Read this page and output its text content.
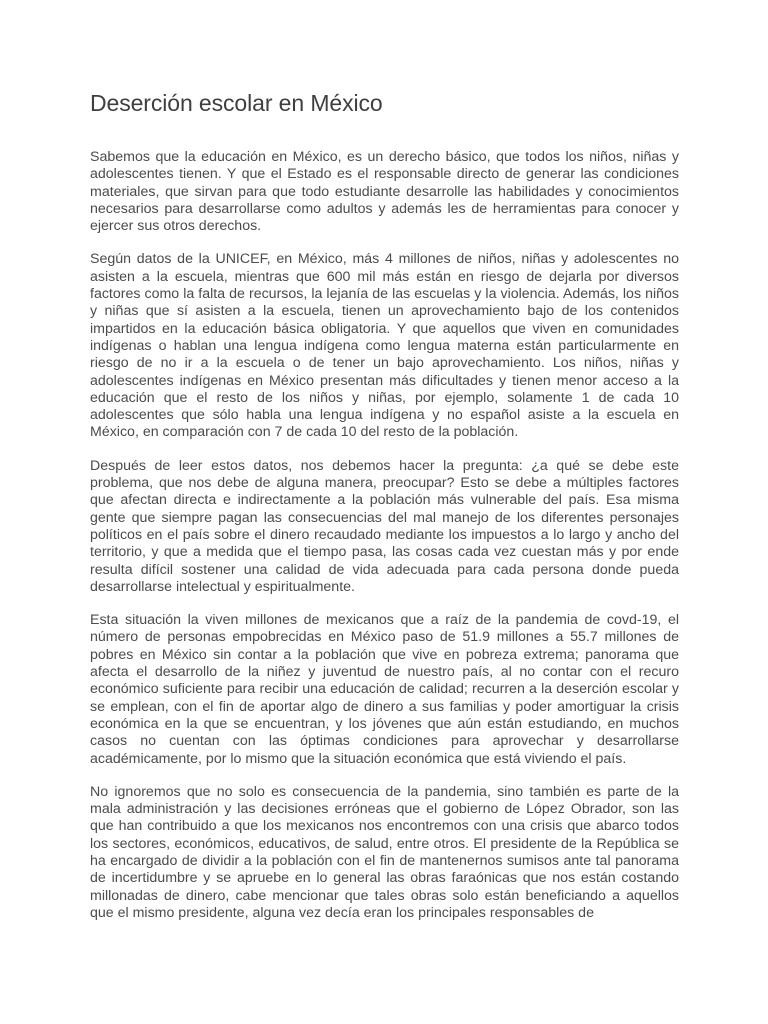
Deserción escolar en México

Sabemos que la educación en México, es un derecho básico, que todos los niños, niñas y adolescentes tienen. Y que el Estado es el responsable directo de generar las condiciones materiales, que sirvan para que todo estudiante desarrolle las habilidades y conocimientos necesarios para desarrollarse como adultos y además les de herramientas para conocer y ejercer sus otros derechos.

Según datos de la UNICEF, en México, más 4 millones de niños, niñas y adolescentes no asisten a la escuela, mientras que 600 mil más están en riesgo de dejarla por diversos factores como la falta de recursos, la lejanía de las escuelas y la violencia. Además, los niños y niñas que sí asisten a la escuela, tienen un aprovechamiento bajo de los contenidos impartidos en la educación básica obligatoria. Y que aquellos que viven en comunidades indígenas o hablan una lengua indígena como lengua materna están particularmente en riesgo de no ir a la escuela o de tener un bajo aprovechamiento. Los niños, niñas y adolescentes indígenas en México presentan más dificultades y tienen menor acceso a la educación que el resto de los niños y niñas, por ejemplo, solamente 1 de cada 10 adolescentes que sólo habla una lengua indígena y no español asiste a la escuela en México, en comparación con 7 de cada 10 del resto de la población.

Después de leer estos datos, nos debemos hacer la pregunta: ¿a qué se debe este problema, que nos debe de alguna manera, preocupar? Esto se debe a múltiples factores que afectan directa e indirectamente a la población más vulnerable del país. Esa misma gente que siempre pagan las consecuencias del mal manejo de los diferentes personajes políticos en el país sobre el dinero recaudado mediante los impuestos a lo largo y ancho del territorio, y que a medida que el tiempo pasa, las cosas cada vez cuestan más y por ende resulta difícil sostener una calidad de vida adecuada para cada persona donde pueda desarrollarse intelectual y espiritualmente.

Esta situación la viven millones de mexicanos que a raíz de la pandemia de covd-19, el número de personas empobrecidas en México paso de 51.9 millones a 55.7 millones de pobres en México sin contar a la población que vive en pobreza extrema; panorama que afecta el desarrollo de la niñez y juventud de nuestro país, al no contar con el recuro económico suficiente para recibir una educación de calidad; recurren a la deserción escolar y se emplean, con el fin de aportar algo de dinero a sus familias y poder amortiguar la crisis económica en la que se encuentran, y los jóvenes que aún están estudiando, en muchos casos no cuentan con las óptimas condiciones para aprovechar y desarrollarse académicamente, por lo mismo que la situación económica que está viviendo el país.

No ignoremos que no solo es consecuencia de la pandemia, sino también es parte de la mala administración y las decisiones erróneas que el gobierno de López Obrador, son las que han contribuido a que los mexicanos nos encontremos con una crisis que abarco todos los sectores, económicos, educativos, de salud, entre otros. El presidente de la República se ha encargado de dividir a la población con el fin de mantenernos sumisos ante tal panorama de incertidumbre y se apruebe en lo general las obras faraónicas que nos están costando millonadas de dinero, cabe mencionar que tales obras solo están beneficiando a aquellos que el mismo presidente, alguna vez decía eran los principales responsables de
